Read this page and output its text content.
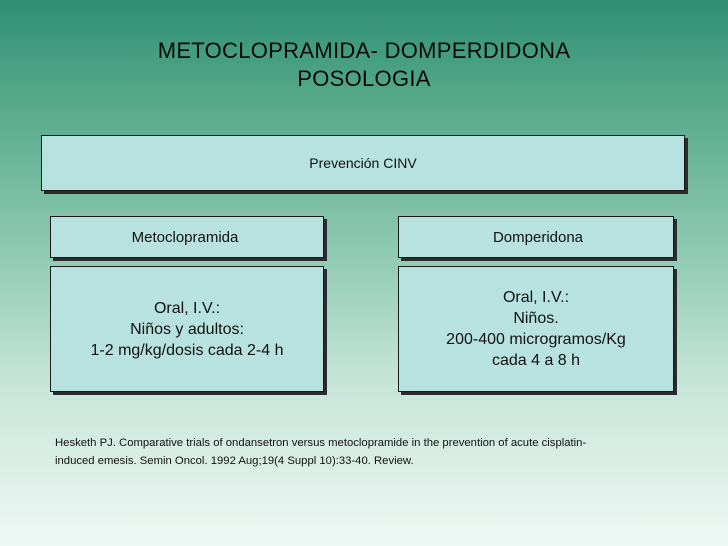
METOCLOPRAMIDA- DOMPERDIDONA
POSOLOGIA
Prevención CINV
Metoclopramida	Domperidona
Oral, I.V.:
Niños y adultos:
1-2 mg/kg/dosis cada 2-4 h
Oral, I.V.:
Niños.
200-400 microgramos/Kg
cada 4 a 8 h
Hesketh PJ. Comparative trials of ondansetron versus metoclopramide in the prevention of acute cisplatin-
induced emesis. Semin Oncol. 1992 Aug;19(4 Suppl 10):33-40. Review.
